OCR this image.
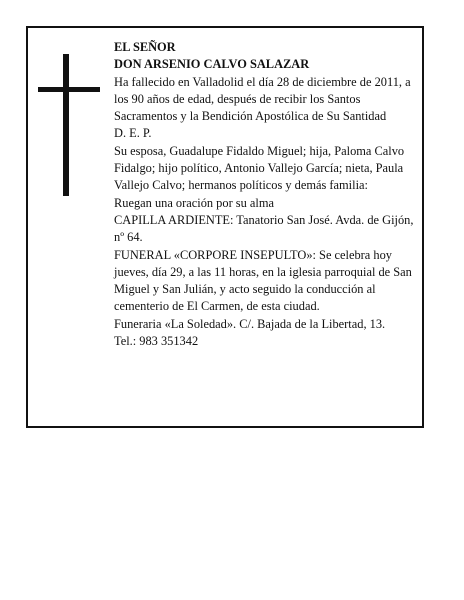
EL SEÑOR

DON ARSENIO CALVO SALAZAR

Ha fallecido en Valladolid el día 28 de diciembre de 2011, a los 90 años de edad, después de recibir los Santos Sacramentos y la Bendición Apostólica de Su Santidad

D. E. P.

Su esposa, Guadalupe Fidaldo Miguel; hija, Paloma Calvo Fidalgo; hijo político, Antonio Vallejo García; nieta, Paula Vallejo Calvo; hermanos políticos y demás familia:

Ruegan una oración por su alma

CAPILLA ARDIENTE: Tanatorio San José. Avda. de Gijón, nº 64.

FUNERAL «CORPORE INSEPULTO»: Se celebra hoy jueves, día 29, a las 11 horas, en la iglesia parroquial de San Miguel y San Julián, y acto seguido la conducción al cementerio de El Carmen, de esta ciudad.

Funeraria «La Soledad». C/. Bajada de la Libertad, 13.

Tel.: 983 351342
